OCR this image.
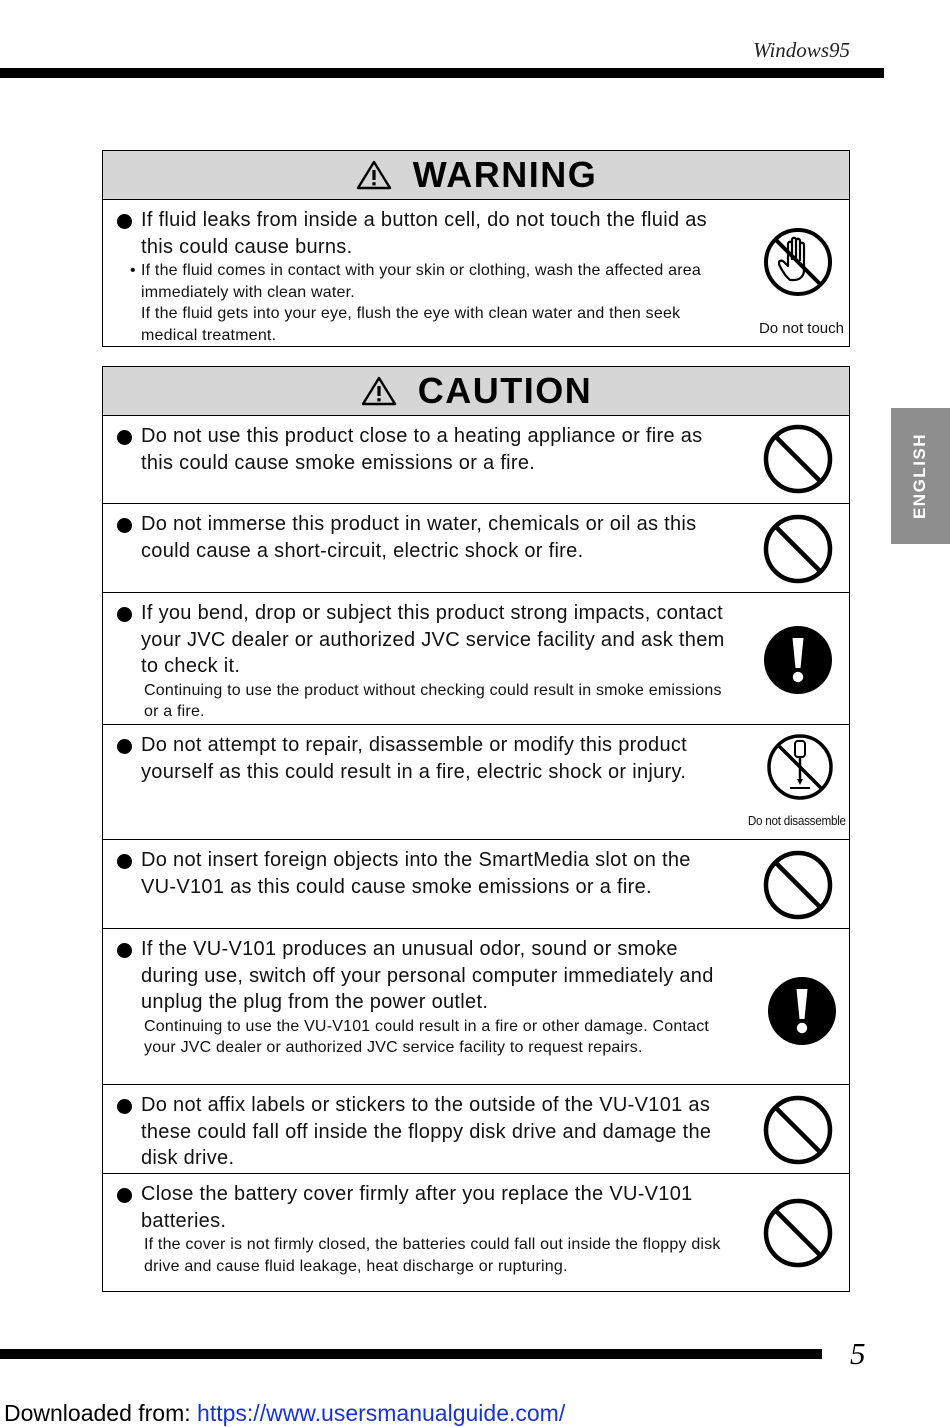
Windows95
ENGLISH
WARNING
If fluid leaks from inside a button cell, do not touch the fluid as this could cause burns.
• If the fluid comes in contact with your skin or clothing, wash the affected area immediately with clean water.
If the fluid gets into your eye, flush the eye with clean water and then seek medical treatment.	Do not touch
CAUTION
Do not use this product close to a heating appliance or fire as this could cause smoke emissions or a fire.
Do not immerse this product in water, chemicals or oil as this could cause a short-circuit, electric shock or fire.
If you bend, drop or subject this product strong impacts, contact your JVC dealer or authorized JVC service facility and ask them to check it.
Continuing to use the product without checking could result in smoke emissions or a fire.
Do not attempt to repair, disassemble or modify this product yourself as this could result in a fire, electric shock or injury.
Do not disassemble
Do not insert foreign objects into the SmartMedia slot on the VU-V101 as this could cause smoke emissions or a fire.
If the VU-V101 produces an unusual odor, sound or smoke during use, switch off your personal computer immediately and unplug the plug from the power outlet.
Continuing to use the VU-V101 could result in a fire or other damage. Contact your JVC dealer or authorized JVC service facility to request repairs.
Do not affix labels or stickers to the outside of the VU-V101 as these could fall off inside the floppy disk drive and damage the disk drive.
Close the battery cover firmly after you replace the VU-V101 batteries.
If the cover is not firmly closed, the batteries could fall out inside the floppy disk drive and cause fluid leakage, heat discharge or rupturing.
5
Downloaded from: https://www.usersmanualguide.com/
